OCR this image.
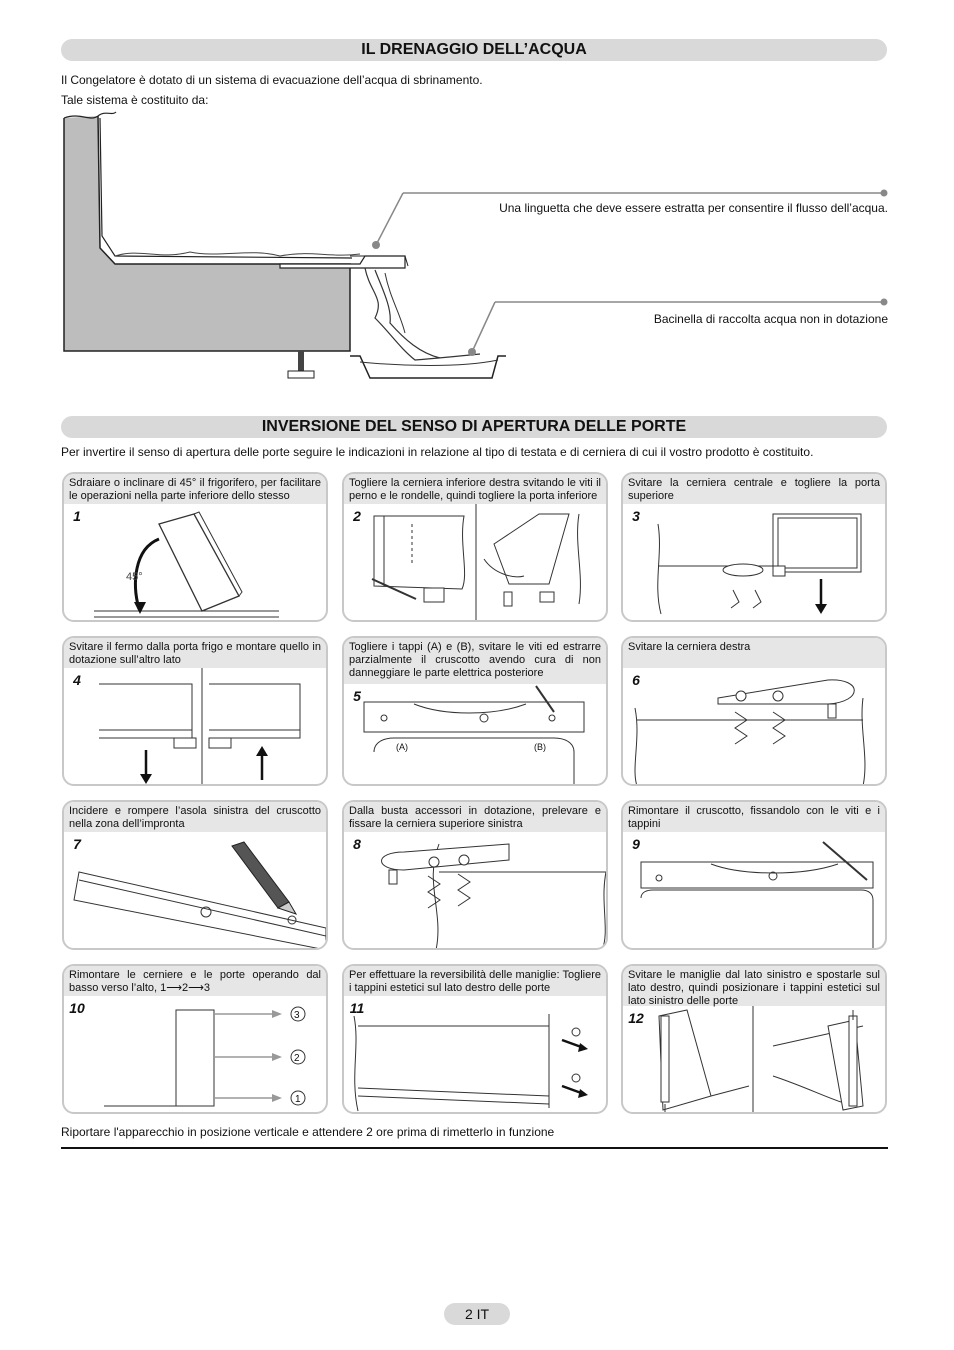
IL DRENAGGIO DELL’ACQUA
Il Congelatore è dotato di un sistema di evacuazione dell’acqua di sbrinamento.
Tale sistema è costituito da:
Una linguetta che deve essere estratta per consentire il flusso dell’acqua.
Bacinella di raccolta acqua non in dotazione
INVERSIONE DEL SENSO DI APERTURA DELLE PORTE
Per invertire il senso di apertura delle porte seguire le indicazioni in relazione al tipo di testata e di cerniera di cui il vostro prodotto è costituito.
Sdraiare o inclinare di 45° il frigorifero, per facilitare le operazioni nella parte inferiore dello stesso
1
45°
Togliere la cerniera inferiore destra svitando le viti il perno e le rondelle, quindi togliere la porta inferiore
2
Svitare la cerniera centrale e togliere la porta superiore
3
Svitare il fermo dalla porta frigo e montare quello in dotazione sull’altro lato
4
Togliere i tappi (A) e (B), svitare le viti ed estrarre parzialmente il cruscotto avendo cura di non danneggiare le parte elettrica posteriore
5
(A)	(B)
Svitare la cerniera destra
6
Incidere e rompere l’asola sinistra del cruscotto nella zona dell’impronta
7
Dalla busta accessori in dotazione, prelevare e fissare la cerniera superiore sinistra
8
Rimontare il cruscotto, fissandolo con le viti e i tappini
9
Rimontare le cerniere e le porte operando dal basso verso l’alto, 1⟶2⟶3
10	3
2
1
Per effettuare la reversibilità delle maniglie: Togliere i tappini estetici sul lato destro delle porte
11
Svitare le maniglie dal lato sinistro e spostarle sul lato destro, quindi posizionare i tappini estetici sul lato sinistro delle porte
12
Riportare l'apparecchio in posizione verticale e attendere 2 ore prima di rimetterlo in funzione
2 IT
